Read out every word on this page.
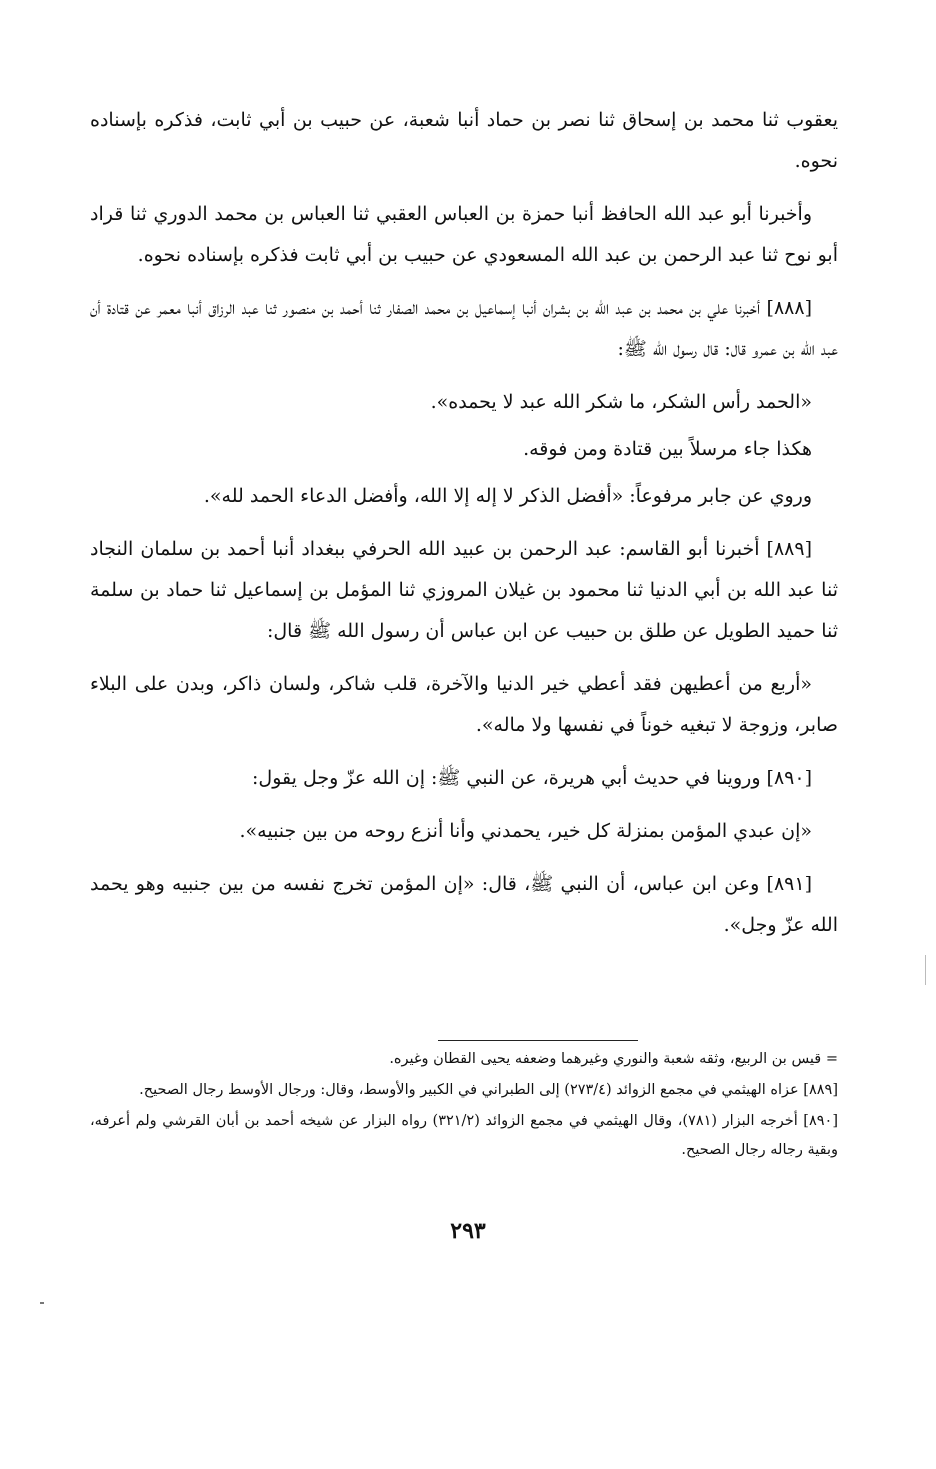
يعقوب ثنا محمد بن إسحاق ثنا نصر بن حماد أنبا شعبة، عن حبيب بن أبي ثابت، فذكره بإسناده نحوه.

وأخبرنا أبو عبد الله الحافظ أنبا حمزة بن العباس العقبي ثنا العباس بن محمد الدوري ثنا قراد أبو نوح ثنا عبد الرحمن بن عبد الله المسعودي عن حبيب بن أبي ثابت فذكره بإسناده نحوه.

[٨٨٨] أخبرنا علي بن محمد بن عبد الله بن بشران أنبا إسماعيل بن محمد الصفار ثنا أحمد بن منصور ثنا عبد الرزاق أنبا معمر عن قتادة أن عبد الله بن عمرو قال: قال رسول الله ﷺ:

«الحمد رأس الشكر، ما شكر الله عبد لا يحمده».

هكذا جاء مرسلاً بين قتادة ومن فوقه.

وروي عن جابر مرفوعاً: «أفضل الذكر لا إله إلا الله، وأفضل الدعاء الحمد لله».

[٨٨٩] أخبرنا أبو القاسم: عبد الرحمن بن عبيد الله الحرفي ببغداد أنبا أحمد بن سلمان النجاد ثنا عبد الله بن أبي الدنيا ثنا محمود بن غيلان المروزي ثنا المؤمل بن إسماعيل ثنا حماد بن سلمة ثنا حميد الطويل عن طلق بن حبيب عن ابن عباس أن رسول الله ﷺ قال:

«أربع من أعطيهن فقد أعطي خير الدنيا والآخرة، قلب شاكر، ولسان ذاكر، وبدن على البلاء صابر، وزوجة لا تبغيه خوناً في نفسها ولا ماله».

[٨٩٠] وروينا في حديث أبي هريرة، عن النبي ﷺ: إن الله عزّ وجل يقول:

«إن عبدي المؤمن بمنزلة كل خير، يحمدني وأنا أنزع روحه من بين جنبيه».

[٨٩١] وعن ابن عباس، أن النبي ﷺ، قال: «إن المؤمن تخرج نفسه من بين جنبيه وهو يحمد الله عزّ وجل».

= قيس بن الربيع، وثقه شعبة والنوري وغيرهما وضعفه يحيى القطان وغيره.

[٨٨٩] عزاه الهيثمي في مجمع الزوائد (٢٧٣/٤) إلى الطبراني في الكبير والأوسط، وقال: ورجال الأوسط رجال الصحيح.

[٨٩٠] أخرجه البزار (٧٨١)، وقال الهيثمي في مجمع الزوائد (٣٢١/٢) رواه البزار عن شيخه أحمد بن أبان القرشي ولم أعرفه، وبقية رجاله رجال الصحيح.

٢٩٣
